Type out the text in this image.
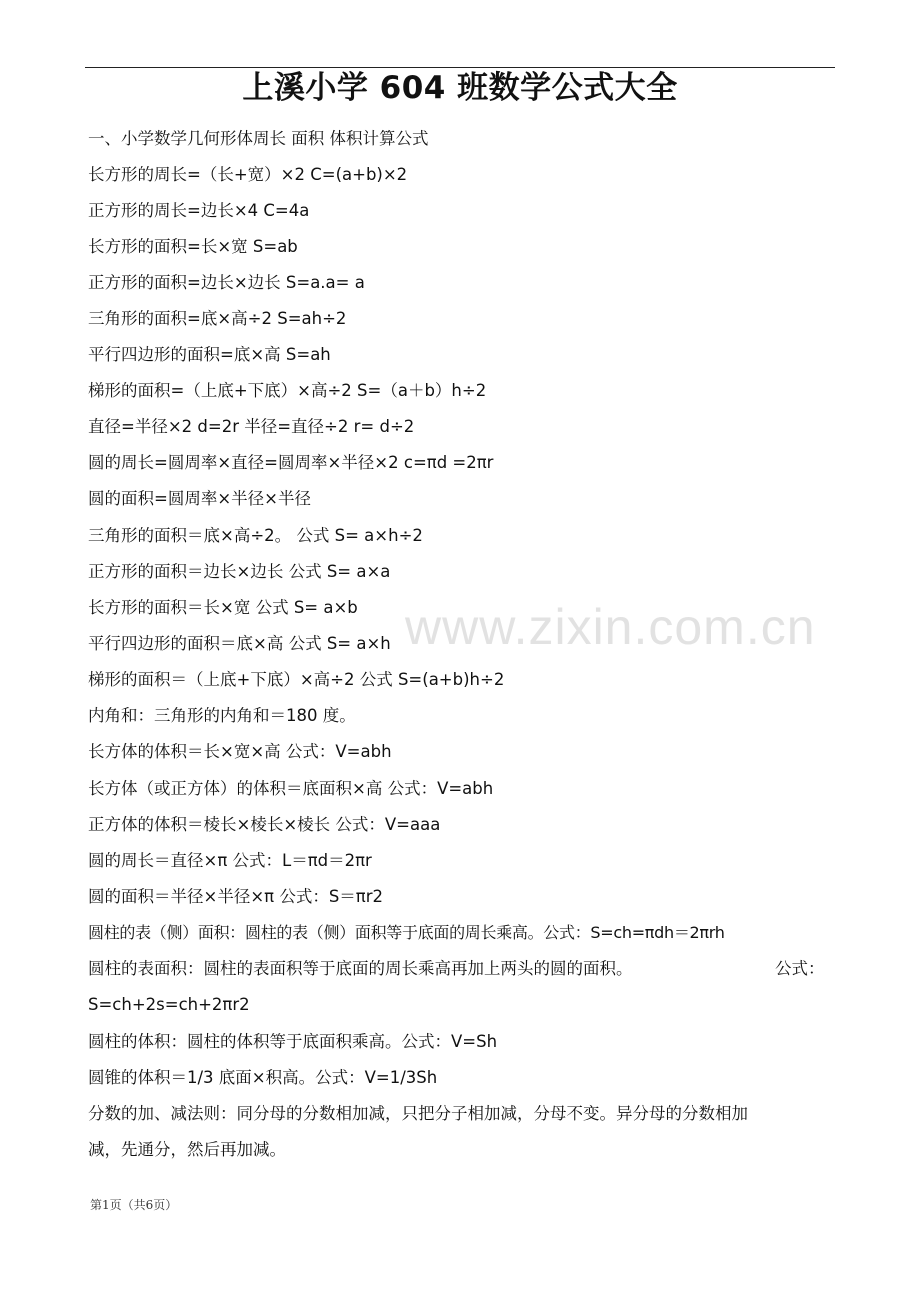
上溪小学 604 班数学公式大全
www.zixin.com.cn
一、小学数学几何形体周长 面积 体积计算公式
长方形的周长=（长+宽）×2 C=(a+b)×2
正方形的周长=边长×4 C=4a
长方形的面积=长×宽 S=ab
正方形的面积=边长×边长 S=a.a= a
三角形的面积=底×高÷2 S=ah÷2
平行四边形的面积=底×高 S=ah
梯形的面积=（上底+下底）×高÷2 S=（a＋b）h÷2
直径=半径×2 d=2r 半径=直径÷2 r= d÷2
圆的周长=圆周率×直径=圆周率×半径×2 c=πd =2πr
圆的面积=圆周率×半径×半径
三角形的面积＝底×高÷2。 公式 S= a×h÷2
正方形的面积＝边长×边长 公式 S= a×a
长方形的面积＝长×宽 公式 S= a×b
平行四边形的面积＝底×高 公式 S= a×h
梯形的面积＝（上底+下底）×高÷2 公式 S=(a+b)h÷2
内角和：三角形的内角和＝180 度。
长方体的体积＝长×宽×高 公式：V=abh
长方体（或正方体）的体积＝底面积×高 公式：V=abh
正方体的体积＝棱长×棱长×棱长 公式：V=aaa
圆的周长＝直径×π 公式：L＝πd＝2πr
圆的面积＝半径×半径×π 公式：S＝πr2
圆柱的表（侧）面积：圆柱的表（侧）面积等于底面的周长乘高。公式：S=ch=πdh＝2πrh
圆柱的表面积：圆柱的表面积等于底面的周长乘高再加上两头的圆的面积。	公式：
S=ch+2s=ch+2πr2
圆柱的体积：圆柱的体积等于底面积乘高。公式：V=Sh
圆锥的体积＝1/3 底面×积高。公式：V=1/3Sh
分数的加、减法则：同分母的分数相加减，只把分子相加减，分母不变。异分母的分数相加
减，先通分，然后再加减。
第1页（共6页）
